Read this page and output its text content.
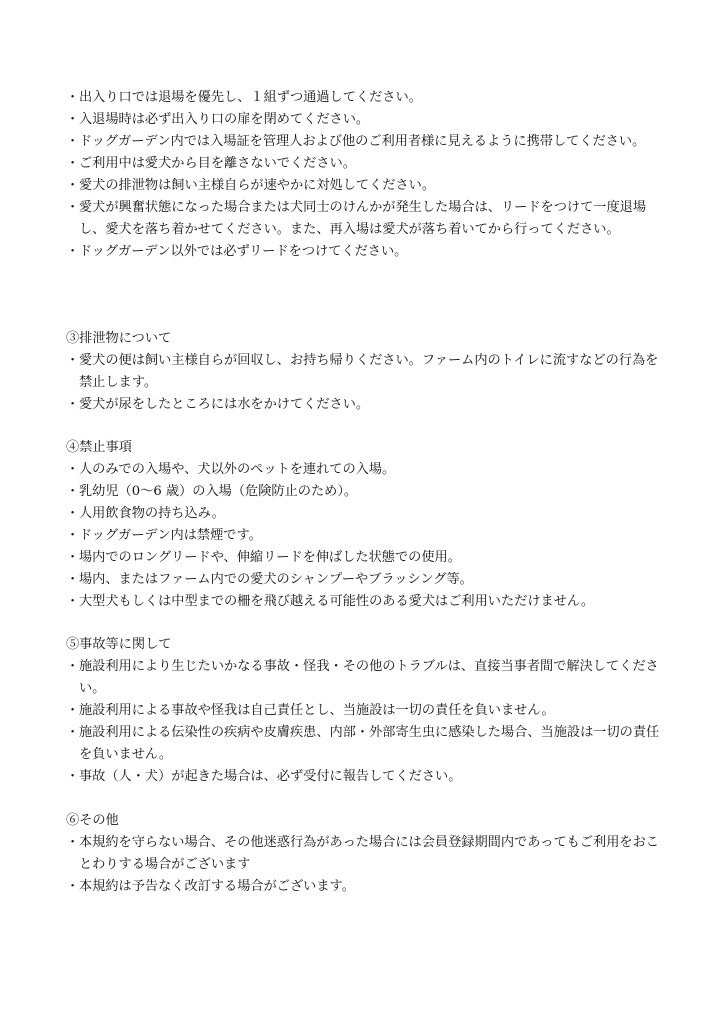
・ 出入り口では退場を優先し、１組ずつ通過してください。

・ 入退場時は必ず出入り口の扉を閉めてください。

・ ドッグガーデン内では入場証を管理人および他のご利用者様に見えるように携帯してください。

・ ご利用中は愛犬から目を離さないでください。

・ 愛犬の排泄物は飼い主様自らが速やかに対処してください。

・ 愛犬が興奮状態になった場合または犬同士のけんかが発生した場合は、リードをつけて一度退場し、愛犬を落ち着かせてください。また、再入場は愛犬が落ち着いてから行ってください。

・ ドッグガーデン以外では必ずリードをつけてください。

③排泄物について

・ 愛犬の便は飼い主様自らが回収し、お持ち帰りください。ファーム内のトイレに流すなどの行為を禁止します。

・ 愛犬が尿をしたところには水をかけてください。

④禁止事項

・ 人のみでの入場や、犬以外のペットを連れての入場。

・ 乳幼児（0～6 歳）の入場（危険防止のため）。

・ 人用飲食物の持ち込み。

・ ドッグガーデン内は禁煙です。

・ 場内でのロングリードや、伸縮リードを伸ばした状態での使用。

・ 場内、またはファーム内での愛犬のシャンプーやブラッシング等。

・ 大型犬もしくは中型までの柵を飛び越える可能性のある愛犬はご利用いただけません。

⑤事故等に関して

・ 施設利用により生じたいかなる事故・怪我・その他のトラブルは、直接当事者間で解決してください。

・ 施設利用による事故や怪我は自己責任とし、当施設は一切の責任を負いません。

・ 施設利用による伝染性の疾病や皮膚疾患、内部・外部寄生虫に感染した場合、当施設は一切の責任を負いません。

・ 事故（人・犬）が起きた場合は、必ず受付に報告してください。

⑥その他

・ 本規約を守らない場合、その他迷惑行為があった場合には会員登録期間内であってもご利用をおことわりする場合がございます

・ 本規約は予告なく改訂する場合がございます。
